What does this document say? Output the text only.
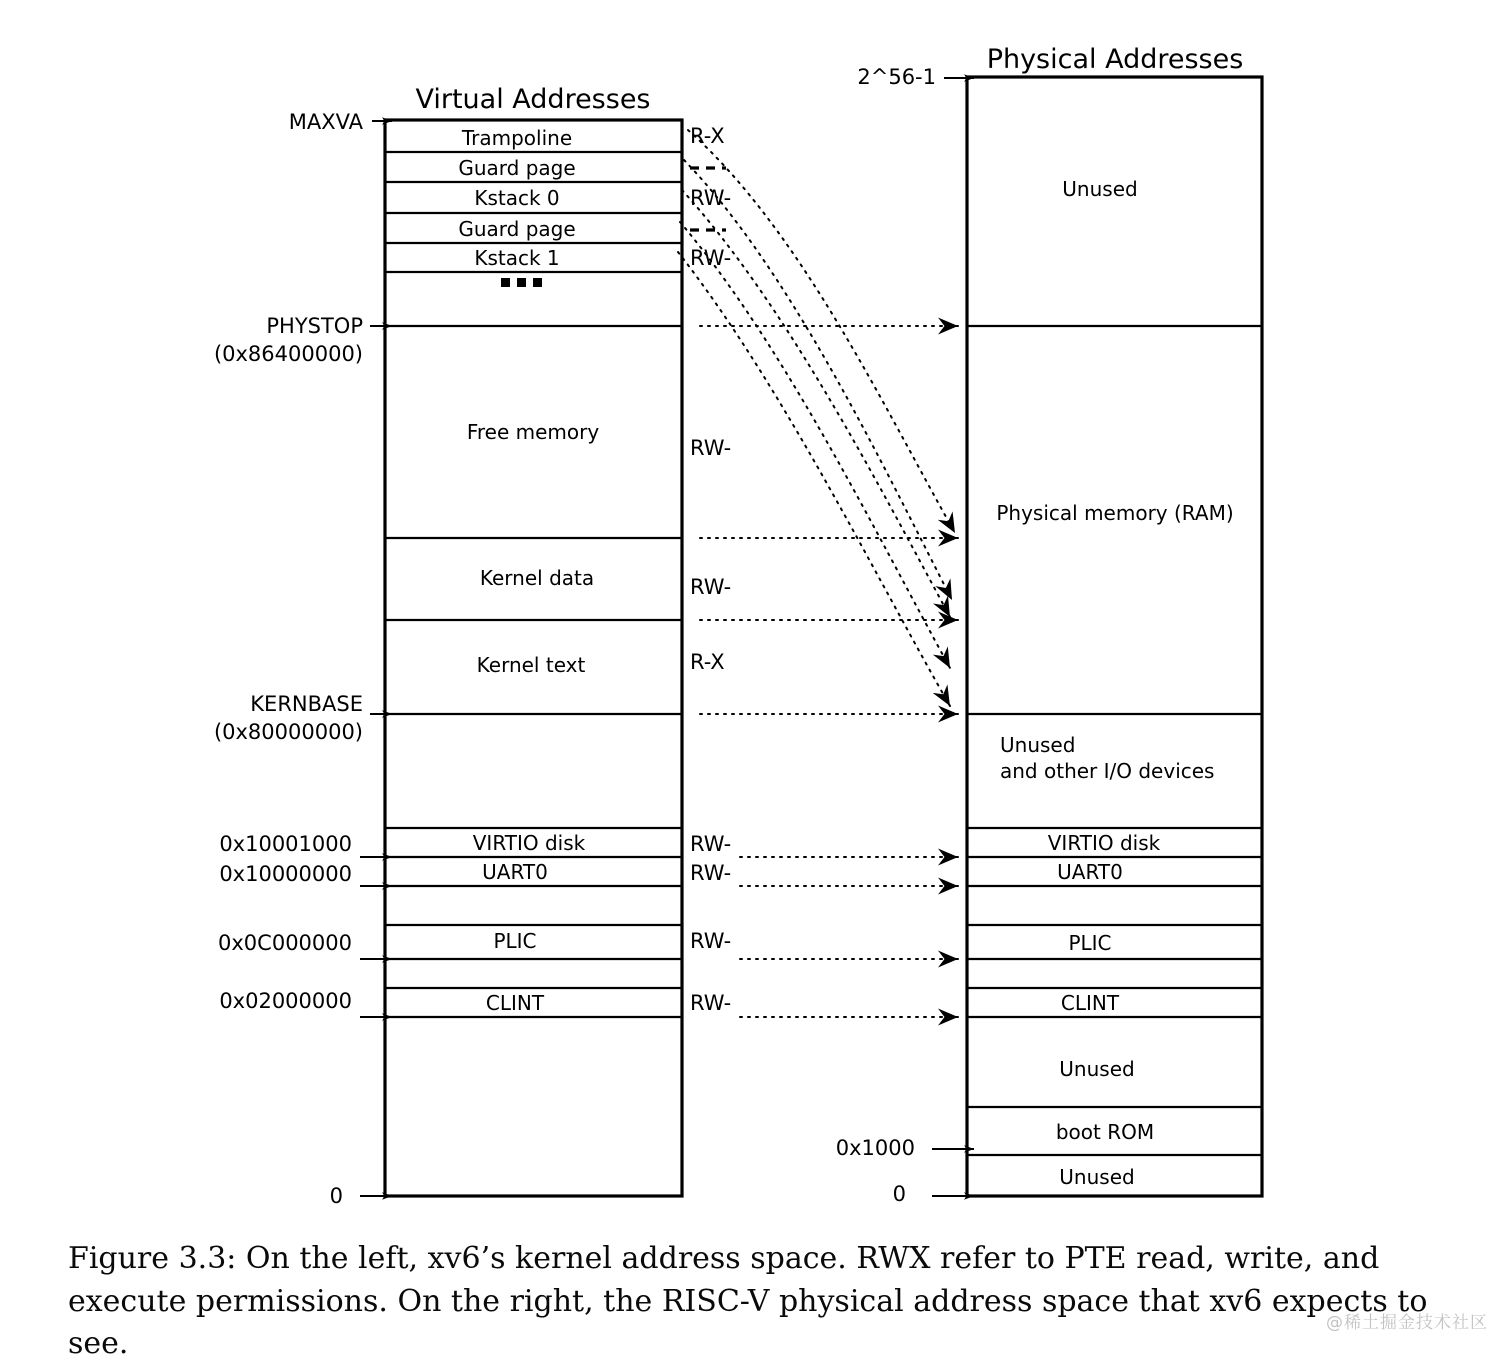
Virtual Addresses
Physical Addresses
Trampoline
Guard page
Kstack 0
Guard page
Kstack 1
Free memory
Kernel data
Kernel text
VIRTIO disk
UART0
PLIC
CLINT
MAXVA
PHYSTOP
(0x86400000)
KERNBASE
(0x80000000)
0x10001000
0x10000000
0x0C000000
0x02000000
0
R-X
RW-
RW-
RW-
RW-
R-X
RW-
RW-
RW-
RW-
Unused
Physical memory (RAM)
Unused
and other I/O devices
VIRTIO disk
UART0
PLIC
CLINT
Unused
boot ROM
Unused
2^56-1
0x1000
0
Figure 3.3: On the left, xv6’s kernel address space. RWX refer to PTE read, write, and execute permissions. On the right, the RISC-V physical address space that xv6 expects to see.
@稀土掘金技术社区
